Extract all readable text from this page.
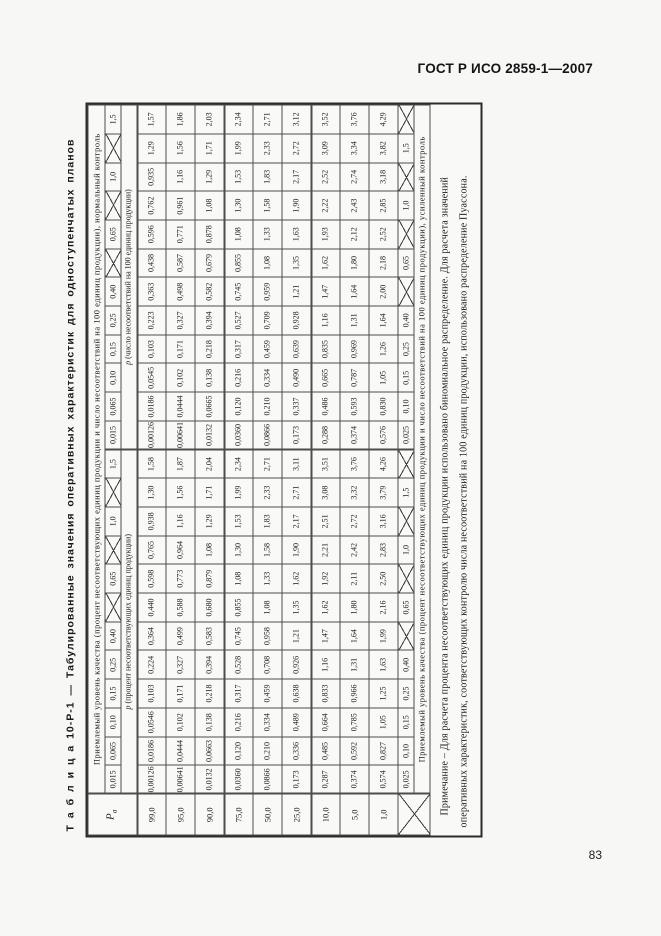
ГОСТ Р ИСО 2859-1—2007
Т а б л и ц а 10-Р-1 — Табулированные значения оперативных характеристик для одноступенчатых планов	$P_a$	Приемлемый уровень качества (процент несоответствующих единиц продукции и число несоответствий на 100 единиц продукции), нормальный контроль																							
	0,015	0,065	0,10	0,15	0,25	0,40		0,65		1,0		1,5	0,015	0,065	0,10	0,15	0,25	0,40		0,65		1,0		1,5

	p (процент несоответствующих единиц продукции)												p (число несоответствий на 100 единиц продукции)											

99,0	0,00126	0,0186	0,0546	0,103	0,224	0,364	0,440	0,598	0,765	0,938	1,30	1,58	0,00126	0,0186	0,0545	0,103	0,223	0,363	0,438	0,596	0,762	0,935	1,29	1,57
95,0	0,00641	0,0444	0,102	0,171	0,327	0,499	0,588	0,773	0,964	1,16	1,56	1,87	0,00641	0,0444	0,102	0,171	0,327	0,498	0,587	0,771	0,961	1,16	1,56	1,86
90,0	0,0132	0,0663	0,138	0,218	0,394	0,583	0,680	0,879	1,08	1,29	1,71	2,04	0,0132	0,0665	0,138	0,218	0,394	0,582	0,679	0,878	1,08	1,29	1,71	2,03
75,0	0,0360	0,120	0,216	0,317	0,528	0,745	0,855	1,08	1,30	1,53	1,99	2,34	0,0360	0,120	0,216	0,317	0,527	0,745	0,855	1,08	1,30	1,53	1,99	2,34
50,0	0,0866	0,210	0,334	0,459	0,708	0,958	1,08	1,33	1,58	1,83	2,33	2,71	0,0866	0,210	0,334	0,459	0,709	0,959	1,08	1,33	1,58	1,83	2,33	2,71
25,0	0,173	0,336	0,489	0,638	0,926	1,21	1,35	1,62	1,90	2,17	2,71	3,11	0,173	0,337	0,490	0,639	0,928	1,21	1,35	1,63	1,90	2,17	2,72	3,12
10,0	0,287	0,485	0,664	0,833	1,16	1,47	1,62	1,92	2,21	2,51	3,08	3,51	0,288	0,486	0,665	0,835	1,16	1,47	1,62	1,93	2,22	2,52	3,09	3,52
5,0	0,374	0,592	0,785	0,966	1,31	1,64	1,80	2,11	2,42	2,72	3,32	3,76	0,374	0,593	0,787	0,969	1,31	1,64	1,80	2,12	2,43	2,74	3,34	3,76
1,0	0,574	0,827	1,05	1,25	1,63	1,99	2,16	2,50	2,83	3,16	3,79	4,26	0,576	0,830	1,05	1,26	1,64	2,00	2,18	2,52	2,85	3,18	3,82	4,29
	0,025	0,10	0,15	0,25	0,40		0,65		1,0		1,5		0,025	0,10	0,15	0,25	0,40		0,65		1,0		1,5	
	Приемлемый уровень качества (процент несоответствующих единиц продукции и число несоответствий на 100 единиц продукции), усиленный контроль																								Примечание – Для расчета процента несоответствующих единиц продукции использовано биномиальное распределение. Для расчета значений оперативных характеристик, соответствующих контролю числа несоответствий на 100 единиц продукции, использовано распределение Пуассона.
83
